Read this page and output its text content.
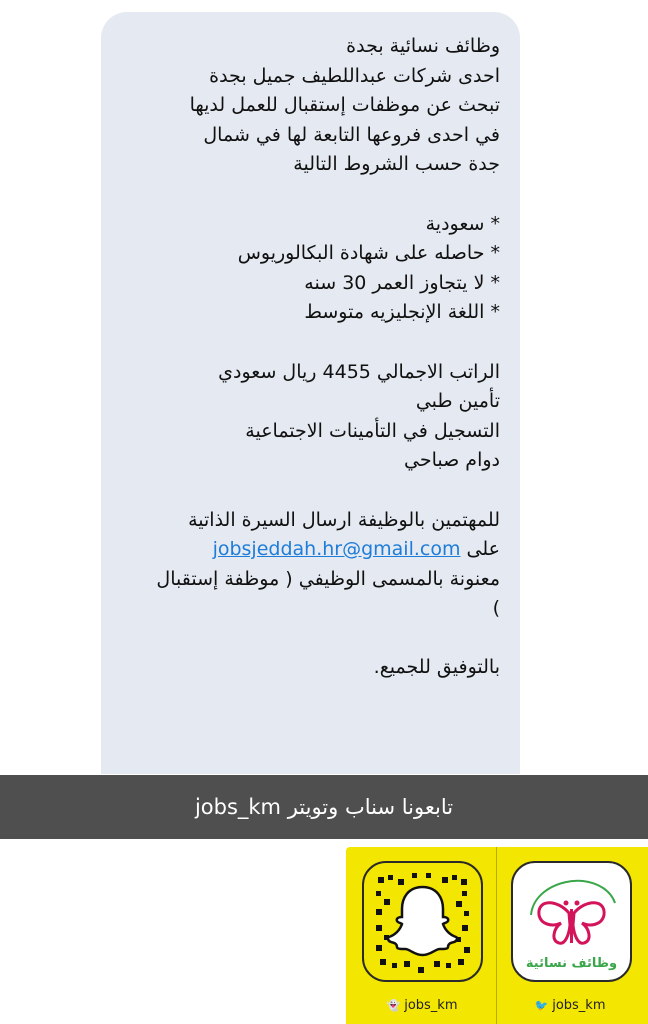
وظائف نسائية بجدة
احدى شركات عبداللطيف جميل بجدة
تبحث عن موظفات إستقبال للعمل لديها
في احدى فروعها التابعة لها في شمال
جدة حسب الشروط التالية
* سعودية
* حاصله على شهادة البكالوريوس
* لا يتجاوز العمر 30 سنه
* اللغة الإنجليزيه متوسط
الراتب الاجمالي 4455 ريال سعودي
تأمين طبي
التسجيل في التأمينات الاجتماعية
دوام صباحي
للمهتمين بالوظيفة ارسال السيرة الذاتية
على jobsjeddah.hr@gmail.com
معنونة بالمسمى الوظيفي ( موظفة إستقبال
)
بالتوفيق للجميع.
تابعونا سناب وتويتر jobs_km
وظائف نسائية
👻 jobs_km	🐦 jobs_km
